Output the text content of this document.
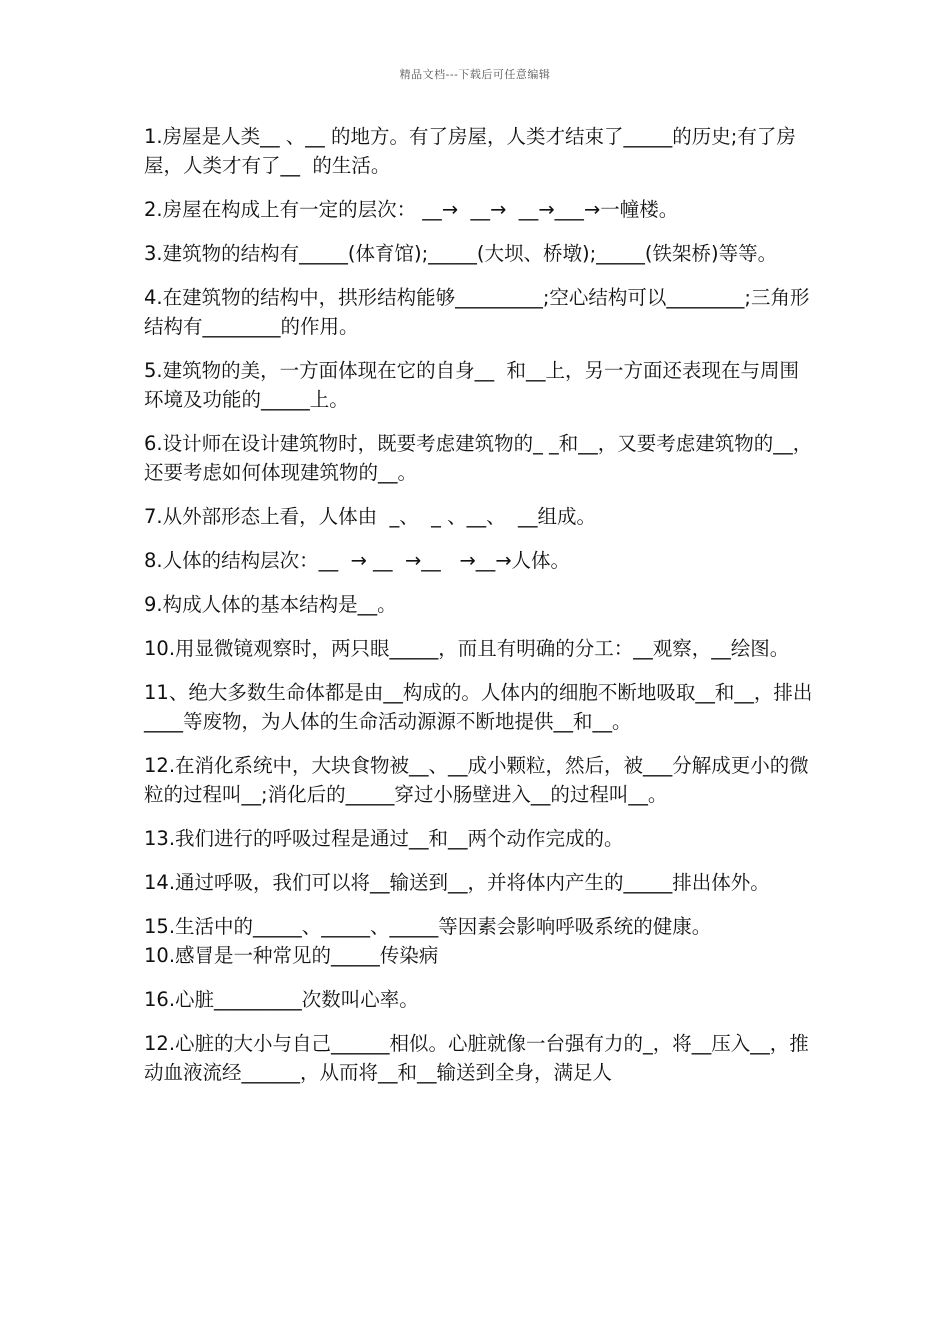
精品文档---下载后可任意编辑

1.房屋是人类__ 、__ 的地方。有了房屋，人类才结束了_____的历史;有了房屋，人类才有了__  的生活。

2.房屋在构成上有一定的层次： __→  __→  __→___→一幢楼。

3.建筑物的结构有_____(体育馆);_____(大坝、桥墩);_____(铁架桥)等等。

4.在建筑物的结构中，拱形结构能够_________;空心结构可以________;三角形结构有________的作用。

5.建筑物的美，一方面体现在它的自身__  和__上，另一方面还表现在与周围环境及功能的_____上。

6.设计师在设计建筑物时，既要考虑建筑物的_ _和__，又要考虑建筑物的__，还要考虑如何体现建筑物的__。

7.从外部形态上看，人体由  _、  _ 、__、  __组成。

8.人体的结构层次：__  → __  →__   →__→人体。

9.构成人体的基本结构是__。

10.用显微镜观察时，两只眼_____，而且有明确的分工：__观察，__绘图。

11、绝大多数生命体都是由__构成的。人体内的细胞不断地吸取__和__，排出____等废物，为人体的生命活动源源不断地提供__和__。

12.在消化系统中，大块食物被__、__成小颗粒，然后，被___分解成更小的微粒的过程叫__;消化后的_____穿过小肠壁进入__的过程叫__。

13.我们进行的呼吸过程是通过__和__两个动作完成的。

14.通过呼吸，我们可以将__输送到__，并将体内产生的_____排出体外。

15.生活中的_____、_____、_____等因素会影响呼吸系统的健康。
10.感冒是一种常见的_____传染病

16.心脏_________次数叫心率。

12.心脏的大小与自己______相似。心脏就像一台强有力的_，将__压入__，推动血液流经______，从而将__和__输送到全身，满足人
